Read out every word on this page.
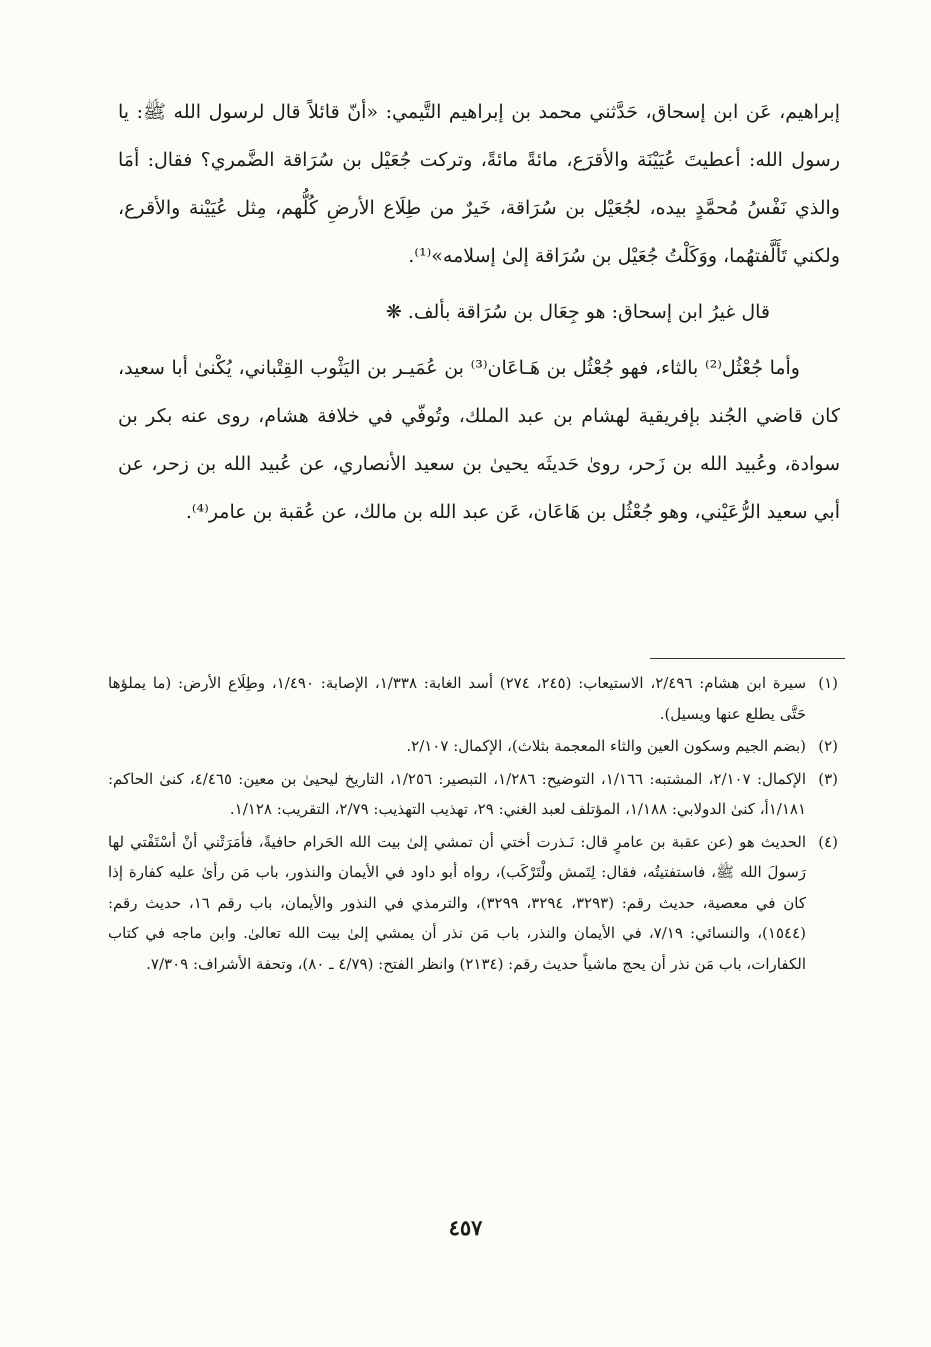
إبراهيم، عَن ابن إسحاق، حَدَّثني محمد بن إبراهيم التَّيمي: «أنّ قائلاً قال لرسول الله ﷺ: يا رسول الله: أعطيتَ عُيَيْنَة والأقرَع، مائةً مائةً، وتركت جُعَيْل بن سُرَاقة الضَّمري؟ فقال: أمَا والذي نَفْسُ مُحمَّدٍ بيده، لجُعَيْل بن سُرَاقة، خَيرٌ من طِلَاع الأرضِ كُلُّهم، مِثل عُيَيْنة والأقرع، ولكني تَأَلَّفتهُما، ووَكَلْتُ جُعَيْل بن سُرَاقة إلىٰ إسلامه»⁽¹⁾.

قال غيرُ ابن إسحاق: هو جِعَال بن سُرَاقة بألف. ❋

وأما جُعْثُل⁽²⁾ بالثاء، فهو جُعْثُل بن هَـاعَان⁽³⁾ بن عُمَيـر بن اليَثْوب القِتْباني، يُكْنىٰ أبا سعيد، كان قاضي الجُند بإفريقية لهشام بن عبد الملك، وتُوفّي في خلافة هشام، روى عنه بكر بن سوادة، وعُبيد الله بن زَحر، روىٰ حَديثَه يحيىٰ بن سعيد الأنصاري، عن عُبيد الله بن زحر، عن أبي سعيد الرُّعَيْني، وهو جُعْثُل بن هَاعَان، عَن عبد الله بن مالك، عن عُقبة بن عامر⁽⁴⁾.

(١)
سيرة ابن هشام: ٢/٤٩٦، الاستيعاب: (٢٤٥، ٢٧٤) أسد الغابة: ١/٣٣٨، الإصابة: ١/٤٩٠، وطِلَاع الأرض: (ما يملؤها حَتَّى يطلع عنها ويسيل).
(٢)
(بضم الجيم وسكون العين والثاء المعجمة بثلاث)، الإكمال: ٢/١٠٧.
(٣)
الإكمال: ٢/١٠٧، المشتبه: ١/١٦٦، التوضيح: ١/٢٨٦، التبصير: ١/٢٥٦، التاريخ ليحيىٰ بن معين: ٤/٤٦٥، كنىٰ الحاكم: ١/١٨١أ، كنىٰ الدولابي: ١/١٨٨، المؤتلف لعبد الغني: ٢٩، تهذيب التهذيب: ٢/٧٩، التقريب: ١/١٢٨.
(٤)
الحديث هو (عن عقبة بن عامرٍ قال: نَـذرت أختي أن تمشي إلىٰ بيت الله الحَرام حافيةً، فأمَرَتْني أنْ أسْتَفْتي لها رَسولَ الله ﷺ، فاستفتيتُه، فقال: لِتَمش ولْتَرْكَب)، رواه أبو داود في الأيمان والنذور، باب مَن رأىٰ عليه كفارة إذا كان في معصية، حديث رقم: (٣٢٩٣، ٣٢٩٤، ٣٢٩٩)، والترمذي في النذور والأيمان، باب رقم ١٦، حديث رقم: (١٥٤٤)، والنسائي: ٧/١٩، في الأيمان والنذر، باب مَن نذر أن يمشي إلىٰ بيت الله تعالىٰ. وابن ماجه في كتاب الكفارات، باب مَن نذر أن يحج ماشياً حديث رقم: (٢١٣٤) وانظر الفتح: (٤/٧٩ ـ ٨٠)، وتحفة الأشراف: ٧/٣٠٩.
٤٥٧
